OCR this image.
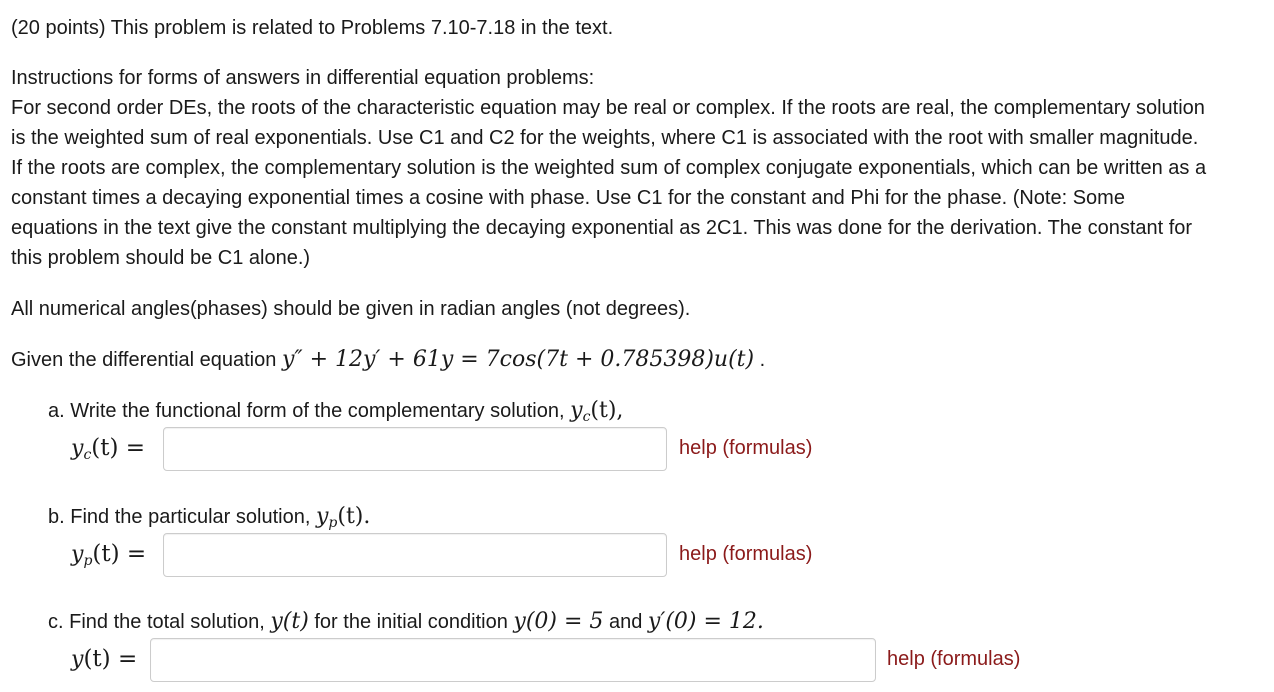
(20 points) This problem is related to Problems 7.10-7.18 in the text.
Instructions for forms of answers in differential equation problems:
For second order DEs, the roots of the characteristic equation may be real or complex. If the roots are real, the complementary solution
is the weighted sum of real exponentials. Use C1 and C2 for the weights, where C1 is associated with the root with smaller magnitude.
If the roots are complex, the complementary solution is the weighted sum of complex conjugate exponentials, which can be written as a
constant times a decaying exponential times a cosine with phase. Use C1 for the constant and Phi for the phase. (Note: Some
equations in the text give the constant multiplying the decaying exponential as 2C1. This was done for the derivation. The constant for
this problem should be C1 alone.)
All numerical angles(phases) should be given in radian angles (not degrees).
Given the differential equation y″ + 12y′ + 61y = 7cos(7t + 0.785398)u(t) .
a. Write the functional form of the complementary solution, $y_c(t)$,
$y_c(t)$ =	help (formulas)
b. Find the particular solution, $y_p(t)$.
$y_p(t)$ =	help (formulas)
c. Find the total solution, y(t) for the initial condition y(0) = 5 and y′(0) = 12.
y(t) =	help (formulas)
